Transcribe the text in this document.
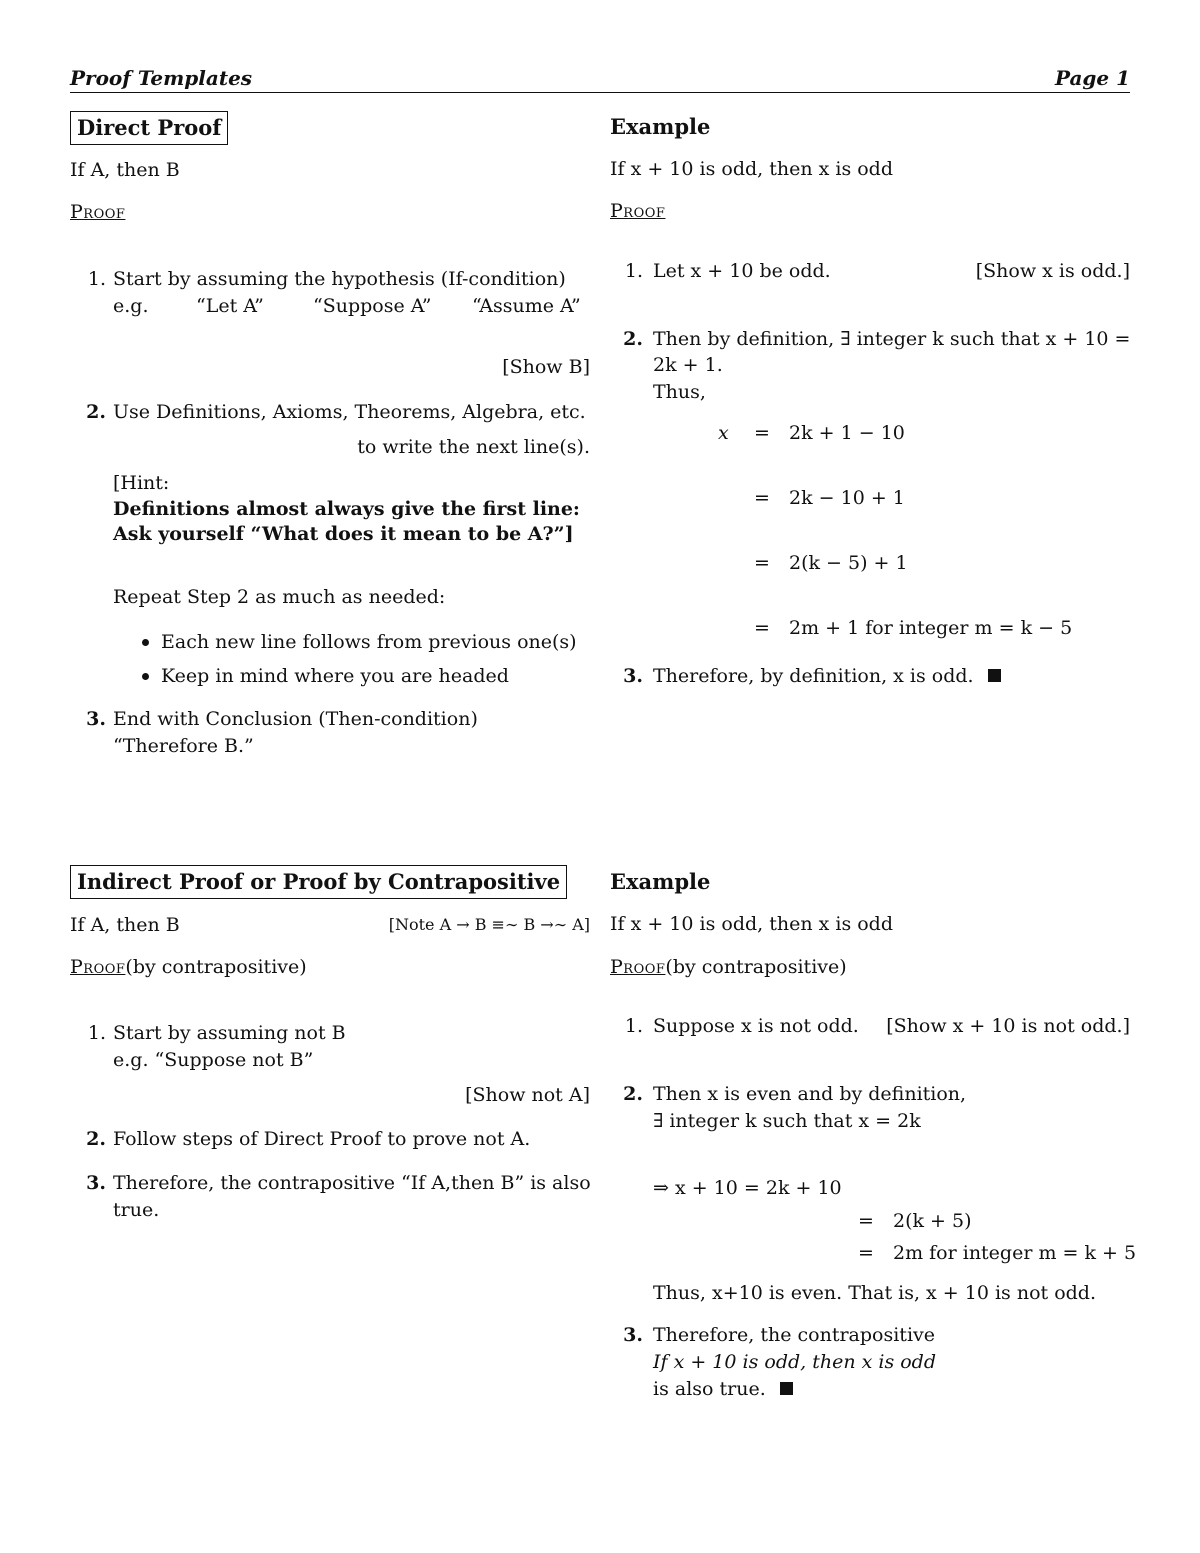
Proof Templates	Page 1
Direct Proof
If A, then B
Proof
1. Start by assuming the hypothesis (If-condition)
e.g.	“Let A”	“Suppose A” “Assume A”
[Show B]
2. Use Definitions, Axioms, Theorems, Algebra, etc.
to write the next line(s).
[Hint:
Definitions almost always give the first line:
Ask yourself “What does it mean to be A?”]
Repeat Step 2 as much as needed:
Each new line follows from previous one(s)
Keep in mind where you are headed
3. End with Conclusion (Then-condition)
“Therefore B.”
Example
If x + 10 is odd, then x is odd
Proof
1. Let x + 10 be odd.	[Show x is odd.]
2. Then by definition, ∃ integer k such that x + 10 =
2k + 1.
Thus,
x = 2k + 1 − 10
= 2k − 10 + 1
= 2(k − 5) + 1
= 2m + 1 for integer m = k − 5
3. Therefore, by definition, x is odd.
Indirect Proof or Proof by Contrapositive
If A, then B	[Note A → B ≡∼ B →∼ A]
Proof(by contrapositive)
1. Start by assuming not B
e.g. “Suppose not B”
[Show not A]
2. Follow steps of Direct Proof to prove not A.
3. Therefore, the contrapositive “If A,then B” is also
true.
Example
If x + 10 is odd, then x is odd
Proof(by contrapositive)
1. Suppose x is not odd.	[Show x + 10 is not odd.]
2. Then x is even and by definition,
∃ integer k such that x = 2k
⇒ x + 10 = 2k + 10
= 2(k + 5)
= 2m for integer m = k + 5
Thus, x+10 is even. That is, x + 10 is not odd.
3. Therefore, the contrapositive
If x + 10 is odd, then x is odd
is also true.
